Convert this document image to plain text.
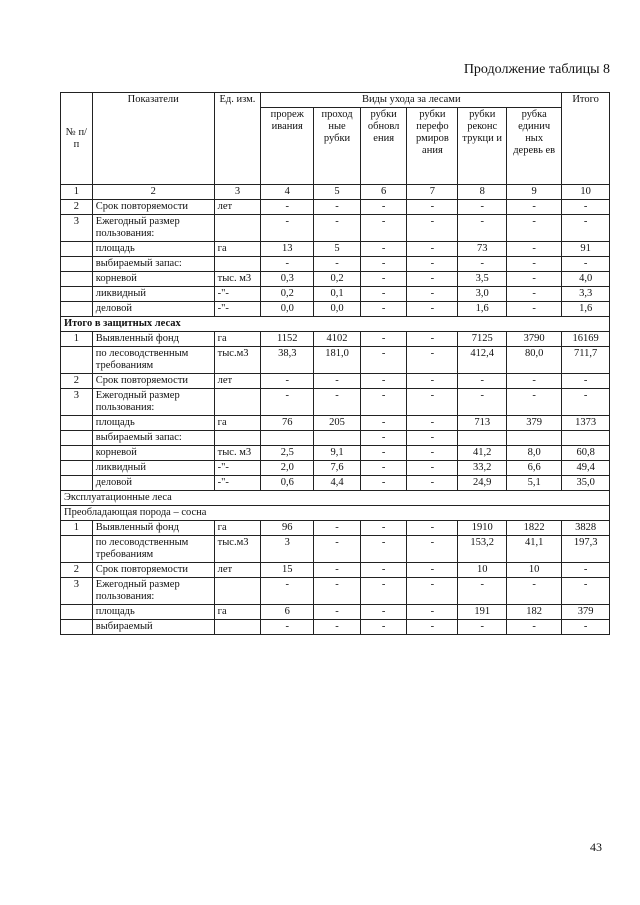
Продолжение таблицы 8
№ п/п	Показатели	Ед. изм.	Виды ухода за лесами						Итого
			прореж ивания	проход ные рубки	рубки обновл ения	рубки перефо рмиров ания	рубки реконс трукци и	рубка единич ных деревь ев	
1	2	3	4	5	6	7	8	9	10
2	Срок повторяемости	лет	-	-	-	-	-	-	-
3	Ежегодный размер пользования:		-	-	-	-	-	-	-
	площадь	га	13	5	-	-	73	-	91
	выбираемый запас:		-	-	-	-	-	-	-
	корневой	тыс. м3	0,3	0,2	-	-	3,5	-	4,0
	ликвидный	-"-	0,2	0,1	-	-	3,0	-	3,3
	деловой	-"-	0,0	0,0	-	-	1,6	-	1,6
Итого в защитных лесах									
1	Выявленный фонд	га	1152	4102	-	-	7125	3790	16169
	по лесоводственным требованиям	тыс.м3	38,3	181,0	-	-	412,4	80,0	711,7
2	Срок повторяемости	лет	-	-	-	-	-	-	-
3	Ежегодный размер пользования:		-	-	-	-	-	-	-
	площадь	га	76	205	-	-	713	379	1373
	выбираемый запас:				-	-			
	корневой	тыс. м3	2,5	9,1	-	-	41,2	8,0	60,8
	ликвидный	-"-	2,0	7,6	-	-	33,2	6,6	49,4
	деловой	-"-	0,6	4,4	-	-	24,9	5,1	35,0
Эксплуатационные леса									
Преобладающая порода – сосна									
1	Выявленный фонд	га	96	-	-	-	1910	1822	3828
	по лесоводственным требованиям	тыс.м3	3	-	-	-	153,2	41,1	197,3
2	Срок повторяемости	лет	15	-	-	-	10	10	-
3	Ежегодный размер пользования:		-	-	-	-	-	-	-
	площадь	га	6	-	-	-	191	182	379
	выбираемый		-	-	-	-	-	-	-
43
